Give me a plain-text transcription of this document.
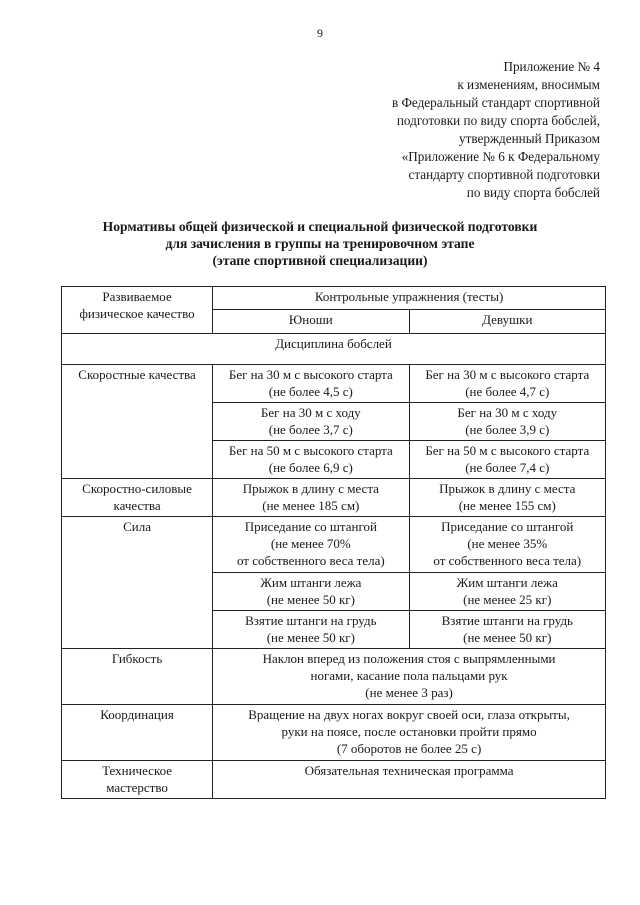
9
Приложение № 4
к изменениям, вносимым
в Федеральный стандарт спортивной
подготовки по виду спорта бобслей,
утвержденный Приказом
«Приложение № 6 к Федеральному
стандарту спортивной подготовки
по виду спорта бобслей
Нормативы общей физической и специальной физической подготовки
для зачисления в группы на тренировочном этапе
(этапе спортивной специализации)
Развиваемое
физическое качество	Контрольные упражнения (тесты)	
	Юноши	Девушки
Дисциплина бобслей		
Скоростные качества	Бег на 30 м с высокого старта
(не более 4,5 с)	Бег на 30 м с высокого старта
(не более 4,7 с)

	Бег на 30 м с ходу
(не более 3,7 с)	Бег на 30 м с ходу
(не более 3,9 с)

	Бег на 50 м с высокого старта
(не более 6,9 с)	Бег на 50 м с высокого старта
(не более 7,4 с)

Скоростно-силовые
качества	Прыжок в длину с места
(не менее 185 см)	Прыжок в длину с места
(не менее 155 см)

Сила	Приседание со штангой
(не менее 70%
от собственного веса тела)	Приседание со штангой
(не менее 35%
от собственного веса тела)

	Жим штанги лежа
(не менее 50 кг)	Жим штанги лежа
(не менее 25 кг)

	Взятие штанги на грудь
(не менее 50 кг)	Взятие штанги на грудь
(не менее 50 кг)

Гибкость	Наклон вперед из положения стоя с выпрямленными
ногами, касание пола пальцами рук
(не менее 3 раз)	

Координация	Вращение на двух ногах вокруг своей оси, глаза открыты,
руки на поясе, после остановки пройти прямо
(7 оборотов не более 25 с)	

Техническое
мастерство	Обязательная техническая программа	
